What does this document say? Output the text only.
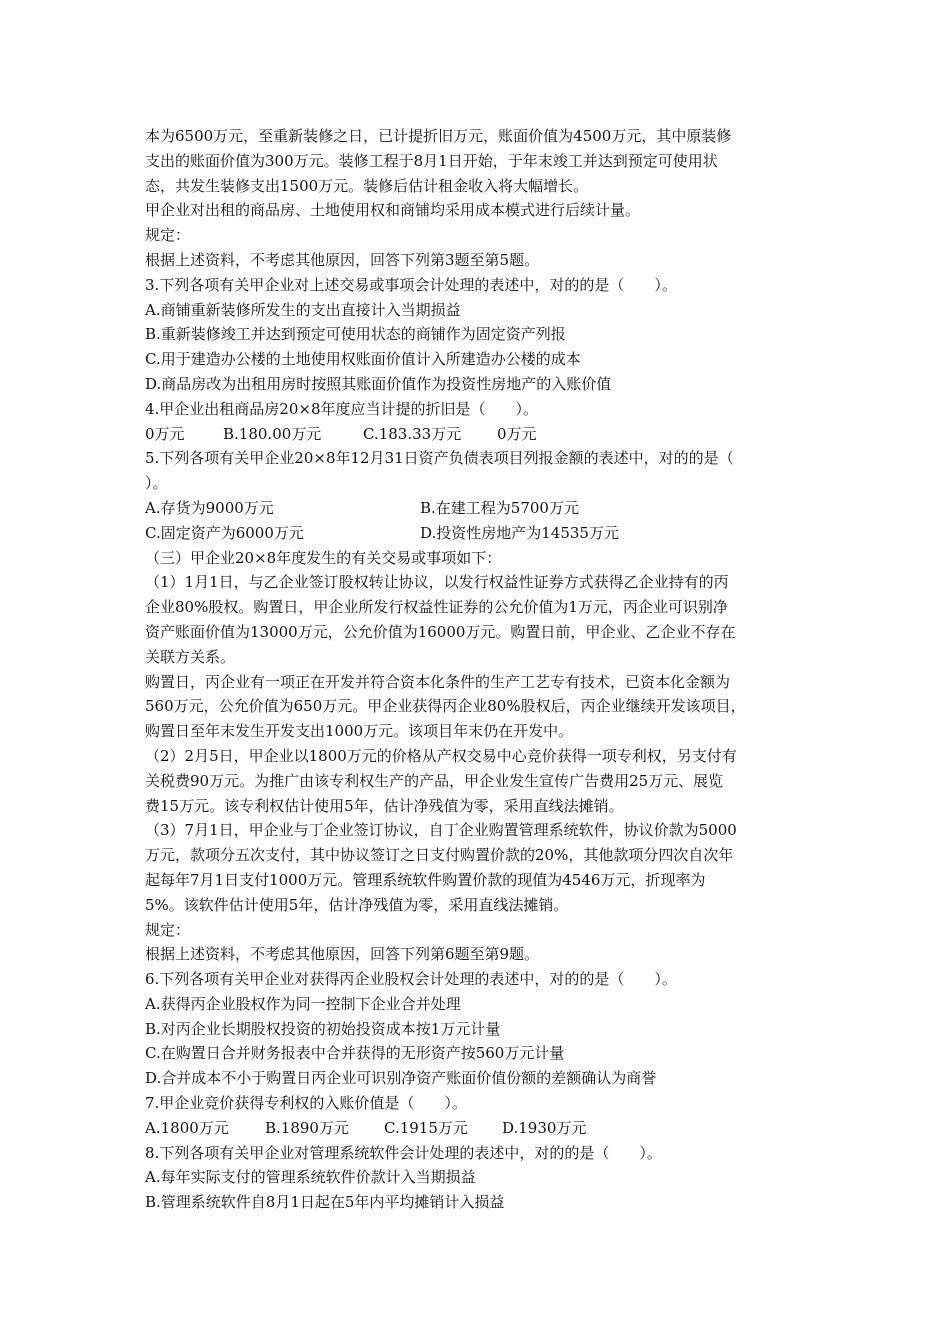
本为6500万元，至重新装修之日，已计提折旧万元，账面价值为4500万元，其中原装修
支出的账面价值为300万元。装修工程于8月1日开始，于年末竣工并达到预定可使用状
态，共发生装修支出1500万元。装修后估计租金收入将大幅增长。
甲企业对出租的商品房、土地使用权和商铺均采用成本模式进行后续计量。
规定：
根据上述资料，不考虑其他原因，回答下列第3题至第5题。
3.下列各项有关甲企业对上述交易或事项会计处理的表述中，对的的是（　　）。
A.商铺重新装修所发生的支出直接计入当期损益
B.重新装修竣工并达到预定可使用状态的商铺作为固定资产列报
C.用于建造办公楼的土地使用权账面价值计入所建造办公楼的成本
D.商品房改为出租用房时按照其账面价值作为投资性房地产的入账价值
4.甲企业出租商品房20×8年度应当计提的折旧是（　　）。
0万元	B.180.00万元	C.183.33万元 0万元
5.下列各项有关甲企业20×8年12月31日资产负债表项目列报金额的表述中，对的的是（
）。
A.存货为9000万元	B.在建工程为5700万元
C.固定资产为6000万元	D.投资性房地产为14535万元
（三）甲企业20×8年度发生的有关交易或事项如下：
（1）1月1日，与乙企业签订股权转让协议，以发行权益性证券方式获得乙企业持有的丙
企业80%股权。购置日，甲企业所发行权益性证券的公允价值为1万元，丙企业可识别净
资产账面价值为13000万元，公允价值为16000万元。购置日前，甲企业、乙企业不存在
关联方关系。
购置日，丙企业有一项正在开发并符合资本化条件的生产工艺专有技术，已资本化金额为
560万元，公允价值为650万元。甲企业获得丙企业80%股权后，丙企业继续开发该项目，
购置日至年末发生开发支出1000万元。该项目年末仍在开发中。
（2）2月5日，甲企业以1800万元的价格从产权交易中心竞价获得一项专利权，另支付有
关税费90万元。为推广由该专利权生产的产品，甲企业发生宣传广告费用25万元、展览
费15万元。该专利权估计使用5年，估计净残值为零，采用直线法摊销。
（3）7月1日，甲企业与丁企业签订协议，自丁企业购置管理系统软件，协议价款为5000
万元，款项分五次支付，其中协议签订之日支付购置价款的20%，其他款项分四次自次年
起每年7月1日支付1000万元。管理系统软件购置价款的现值为4546万元，折现率为
5%。该软件估计使用5年，估计净残值为零，采用直线法摊销。
规定：
根据上述资料，不考虑其他原因，回答下列第6题至第9题。
6.下列各项有关甲企业对获得丙企业股权会计处理的表述中，对的的是（　　）。
A.获得丙企业股权作为同一控制下企业合并处理
B.对丙企业长期股权投资的初始投资成本按1万元计量
C.在购置日合并财务报表中合并获得的无形资产按560万元计量
D.合并成本不小于购置日丙企业可识别净资产账面价值份额的差额确认为商誉
7.甲企业竞价获得专利权的入账价值是（　　）。
A.1800万元 B.1890万元 C.1915万元 D.1930万元
8.下列各项有关甲企业对管理系统软件会计处理的表述中，对的的是（　　）。
A.每年实际支付的管理系统软件价款计入当期损益
B.管理系统软件自8月1日起在5年内平均摊销计入损益
